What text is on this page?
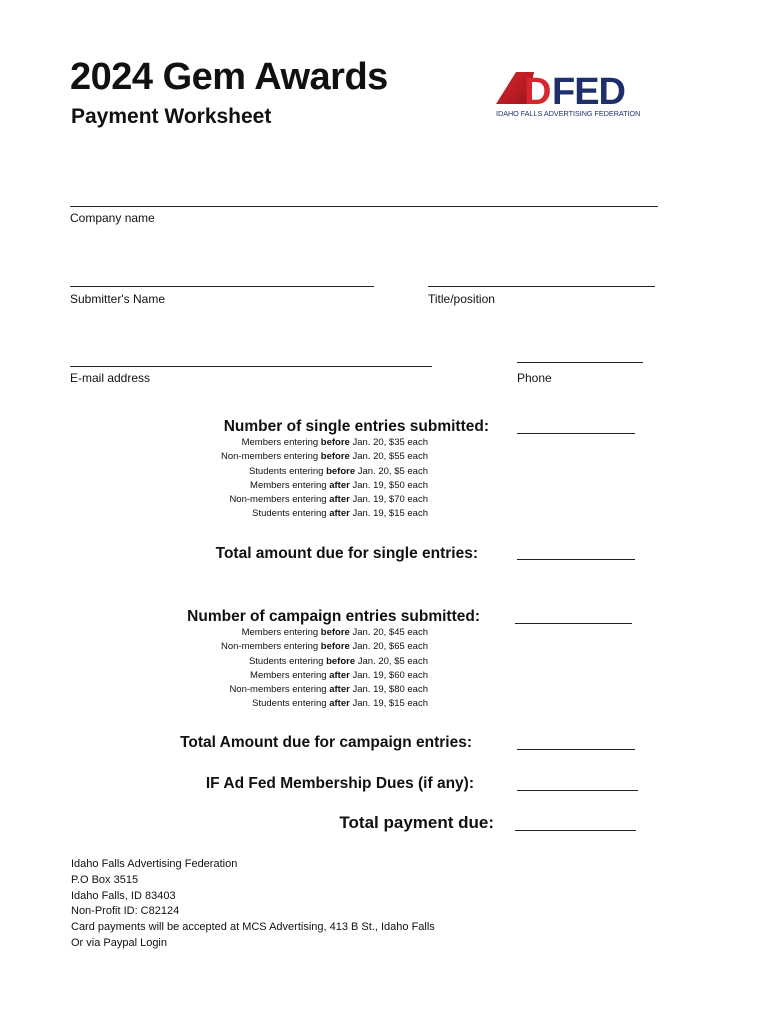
2024 Gem Awards
Payment Worksheet
D FED
IDAHO FALLS ADVERTISING FEDERATION
Company name
Submitter's Name	Title/position
E-mail address	Phone
Number of single entries submitted:
Members entering before Jan. 20, $35 each
Non-members entering before Jan. 20, $55 each
Students entering before Jan. 20, $5 each
Members entering after Jan. 19, $50 each
Non-members entering after Jan. 19, $70 each
Students entering after Jan. 19, $15 each
Total amount due for single entries:
Number of campaign entries submitted:
Members entering before Jan. 20, $45 each
Non-members entering before Jan. 20, $65 each
Students entering before Jan. 20, $5 each
Members entering after Jan. 19, $60 each
Non-members entering after Jan. 19, $80 each
Students entering after Jan. 19, $15 each
Total Amount due for campaign entries:
IF Ad Fed Membership Dues (if any):
Total payment due:
Idaho Falls Advertising Federation
P.O Box 3515
Idaho Falls, ID 83403
Non-Profit ID: C82124
Card payments will be accepted at MCS Advertising, 413 B St., Idaho Falls
Or via Paypal Login
